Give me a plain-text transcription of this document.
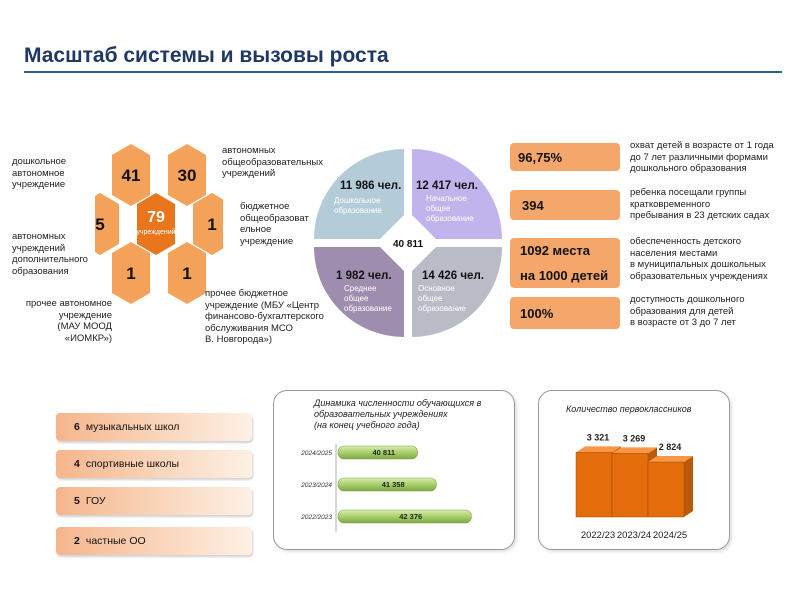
Масштаб системы и вызовы роста
41 30
5	1
1	1
79
учреждений
дошкольное
автономное
учреждение
автономных
общеобразовательных
учреждений
бюджетное
общеобразоват
ельное
учреждение
автономных
учреждений
дополнительного
образования
прочее бюджетное
учреждение (МБУ «Центр
финансово-бухгалтерского
обслуживания МСО
В. Новгорода»)
прочее автономное
учреждение
(МАУ МООД
«ИОМКР»)
40 811
11 986 чел.
Дошкольное
образование
12 417 чел.
Начальное
общее
образование
1 982 чел.
Среднее
общее
образование
14 426 чел.
Основное
общее
образование
96,75%
охват детей в возрасте от 1 года
до 7 лет различными формами
дошкольного образования
394
ребенка посещали группы
кратковременного
пребывания в 23 детских садах
1092 места
на 1000 детей
обеспеченность детского
населения местами
в муниципальных дошкольных
образовательных учреждениях
100%
доступность дошкольного
образования для детей
в возрасте от 3 до 7 лет
6 музыкальных школ
4 спортивные школы
5 ГОУ
2 частные ОО
Динамика численности обучающихся в
образовательных учреждениях
(на конец учебного года)
2024/2025	40 811
2023/2024	41 358
2022/2023	42 376
Количество первоклассников
3 321
2022/23
3 269
2023/24
2 824
2024/25
